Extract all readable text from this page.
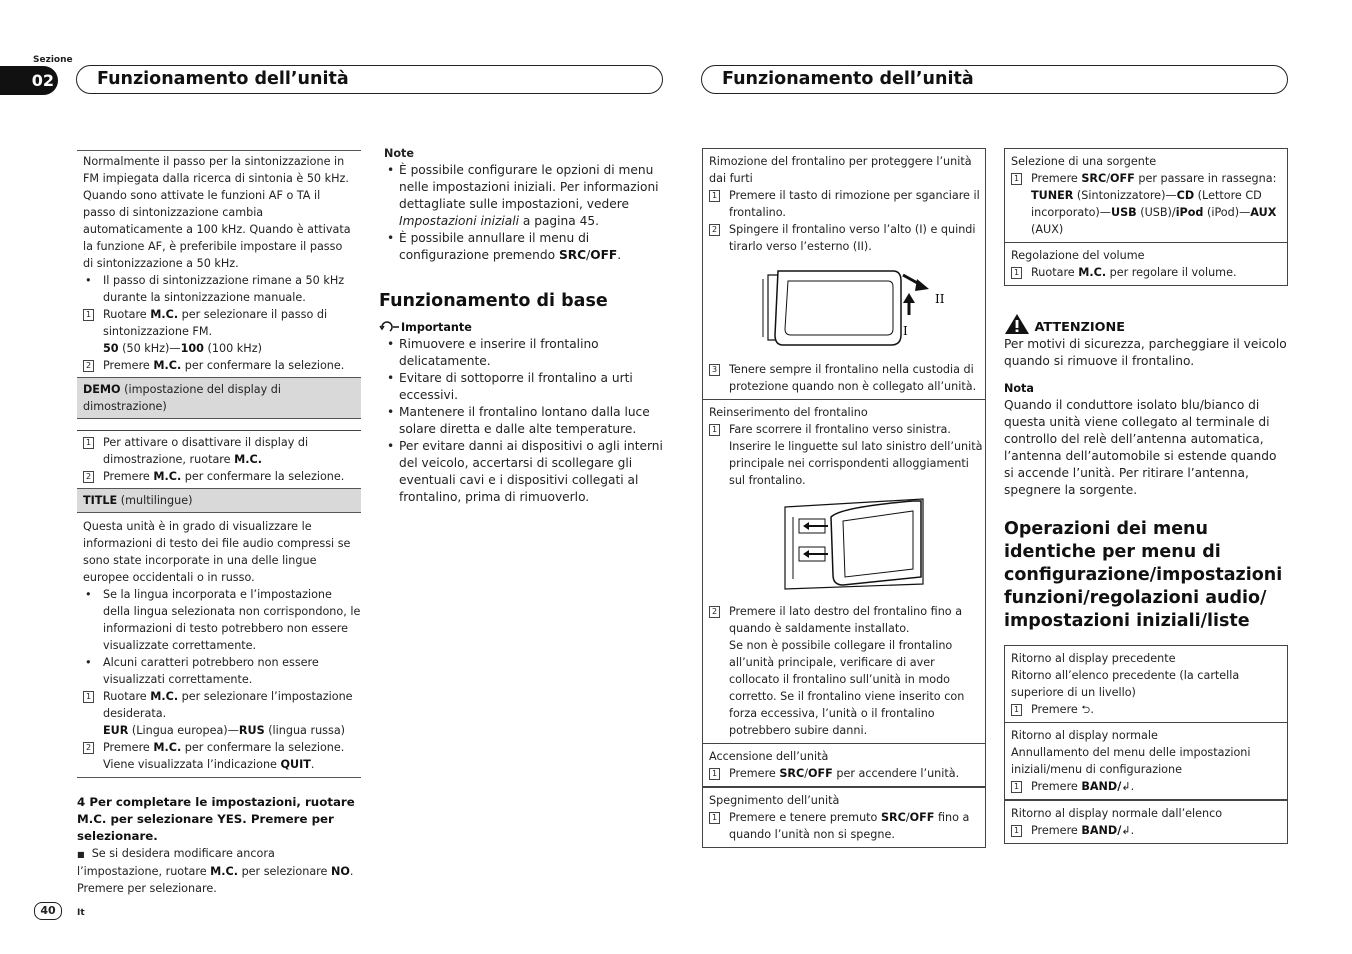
Sezione
02	Funzionamento dell’unità	Funzionamento dell’unità
Normalmente il passo per la sintonizzazione in FM impiegata dalla ricerca di sintonia è 50 kHz. Quando sono attivate le funzioni AF o TA il passo di sintonizzazione cambia automaticamente a 100 kHz. Quando è attivata la funzione AF, è preferibile impostare il passo di sintonizzazione a 50 kHz.
• Il passo di sintonizzazione rimane a 50 kHz durante la sintonizzazione manuale.
1 Ruotare M.C. per selezionare il passo di sintonizzazione FM.
50 (50 kHz)—100 (100 kHz)
2 Premere M.C. per confermare la selezione.
DEMO (impostazione del display di dimostrazione)
1 Per attivare o disattivare il display di dimostrazione, ruotare M.C.
2 Premere M.C. per confermare la selezione.
TITLE (multilingue)
Questa unità è in grado di visualizzare le informazioni di testo dei file audio compressi se sono state incorporate in una delle lingue europee occidentali o in russo.
• Se la lingua incorporata e l’impostazione della lingua selezionata non corrispondono, le informazioni di testo potrebbero non essere visualizzate correttamente.
• Alcuni caratteri potrebbero non essere visualizzati correttamente.
1 Ruotare M.C. per selezionare l’impostazione desiderata.
EUR (Lingua europea)—RUS (lingua russa)
2 Premere M.C. per confermare la selezione.
Viene visualizzata l’indicazione QUIT.
4 Per completare le impostazioni, ruotare M.C. per selezionare YES. Premere per selezionare.
■ Se si desidera modificare ancora l’impostazione, ruotare M.C. per selezionare NO. Premere per selezionare.
Note
• È possibile configurare le opzioni di menu nelle impostazioni iniziali. Per informazioni dettagliate sulle impostazioni, vedere Impostazioni iniziali a pagina 45.
• È possibile annullare il menu di configurazione premendo SRC/OFF.
Funzionamento di base
Importante
• Rimuovere e inserire il frontalino delicatamente.
• Evitare di sottoporre il frontalino a urti eccessivi.
• Mantenere il frontalino lontano dalla luce solare diretta e dalle alte temperature.
• Per evitare danni ai dispositivi o agli interni del veicolo, accertarsi di scollegare gli eventuali cavi e i dispositivi collegati al frontalino, prima di rimuoverlo.
Rimozione del frontalino per proteggere l’unità dai furti
1 Premere il tasto di rimozione per sganciare il frontalino.
2 Spingere il frontalino verso l’alto (I) e quindi tirarlo verso l’esterno (II).
II
I
3 Tenere sempre il frontalino nella custodia di protezione quando non è collegato all’unità.
Reinserimento del frontalino
1 Fare scorrere il frontalino verso sinistra. Inserire le linguette sul lato sinistro dell’unità principale nei corrispondenti alloggiamenti sul frontalino.
2 Premere il lato destro del frontalino fino a quando è saldamente installato.
Se non è possibile collegare il frontalino all’unità principale, verificare di aver collocato il frontalino sull’unità in modo corretto. Se il frontalino viene inserito con forza eccessiva, l’unità o il frontalino potrebbero subire danni.
Accensione dell’unità
1 Premere SRC/OFF per accendere l’unità.
Spegnimento dell’unità
1 Premere e tenere premuto SRC/OFF fino a quando l’unità non si spegne.
Selezione di una sorgente
1 Premere SRC/OFF per passare in rassegna:
TUNER (Sintonizzatore)—CD (Lettore CD incorporato)—USB (USB)/iPod (iPod)—AUX (AUX)
Regolazione del volume
1 Ruotare M.C. per regolare il volume.
ATTENZIONE
Per motivi di sicurezza, parcheggiare il veicolo quando si rimuove il frontalino.
Nota
Quando il conduttore isolato blu/bianco di questa unità viene collegato al terminale di controllo del relè dell’antenna automatica, l’antenna dell’automobile si estende quando si accende l’unità. Per ritirare l’antenna, spegnere la sorgente.
Operazioni dei menu identiche per menu di configurazione/impostazioni funzioni/regolazioni audio/ impostazioni iniziali/liste
Ritorno al display precedente
Ritorno all’elenco precedente (la cartella superiore di un livello)
1 Premere ⮌.
Ritorno al display normale
Annullamento del menu delle impostazioni iniziali/menu di configurazione
1 Premere BAND/↲.
Ritorno al display normale dall’elenco
1 Premere BAND/↲.
40	It
